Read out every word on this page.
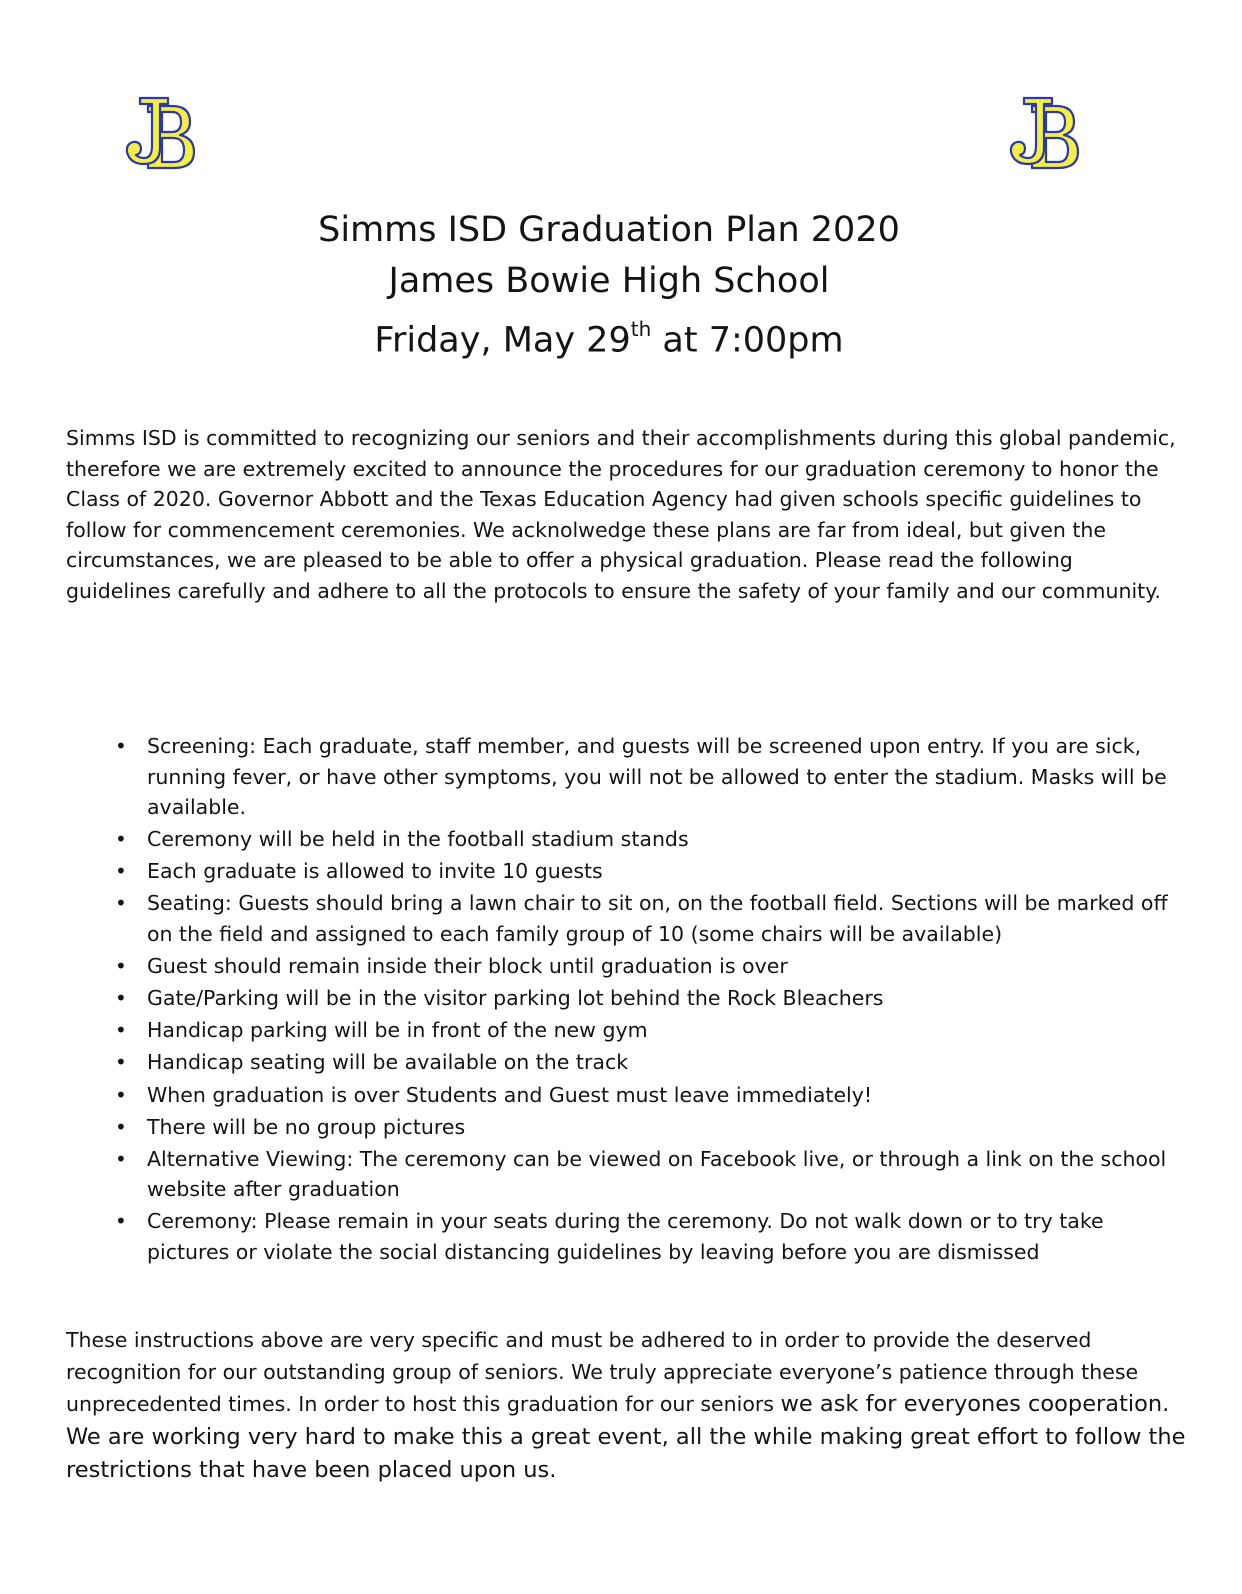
Simms ISD Graduation Plan 2020
James Bowie High School
Friday, May 29th at 7:00pm

Simms ISD is committed to recognizing our seniors and their accomplishments during this global pandemic, therefore we are extremely excited to announce the procedures for our graduation ceremony to honor the Class of 2020. Governor Abbott and the Texas Education Agency had given schools specific guidelines to follow for commencement ceremonies. We acknolwedge these plans are far from ideal, but given the circumstances, we are pleased to be able to offer a physical graduation. Please read the following guidelines carefully and adhere to all the protocols to ensure the safety of your family and our community.

• Screening: Each graduate, staff member, and guests will be screened upon entry. If you are sick, running fever, or have other symptoms, you will not be allowed to enter the stadium. Masks will be available.
• Ceremony will be held in the football stadium stands
• Each graduate is allowed to invite 10 guests
• Seating: Guests should bring a lawn chair to sit on, on the football field. Sections will be marked off on the field and assigned to each family group of 10 (some chairs will be available)
• Guest should remain inside their block until graduation is over
• Gate/Parking will be in the visitor parking lot behind the Rock Bleachers
• Handicap parking will be in front of the new gym
• Handicap seating will be available on the track
• When graduation is over Students and Guest must leave immediately!
• There will be no group pictures
• Alternative Viewing: The ceremony can be viewed on Facebook live, or through a link on the school website after graduation
• Ceremony: Please remain in your seats during the ceremony. Do not walk down or to try take pictures or violate the social distancing guidelines by leaving before you are dismissed

These instructions above are very specific and must be adhered to in order to provide the deserved recognition for our outstanding group of seniors. We truly appreciate everyone’s patience through these unprecedented times. In order to host this graduation for our seniors we ask for everyones cooperation. We are working very hard to make this a great event, all the while making great effort to follow the restrictions that have been placed upon us.
